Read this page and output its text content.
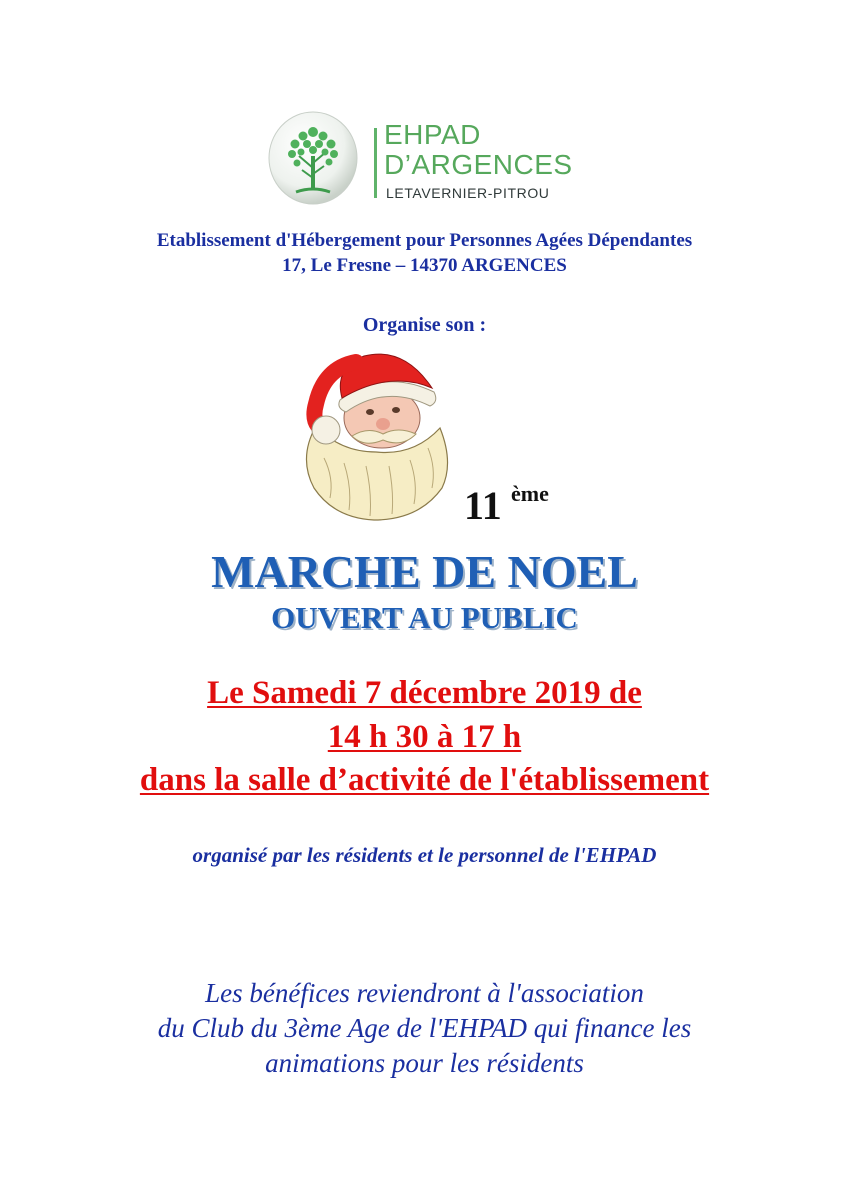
EHPAD
D’ARGENCES
LETAVERNIER-PITROU
Etablissement d'Hébergement pour Personnes Agées Dépendantes
17, Le Fresne – 14370 ARGENCES
Organise son :
11 ème
MARCHE DE NOEL
OUVERT AU PUBLIC
Le Samedi 7 décembre 2019 de
14 h 30 à 17 h
dans la salle d’activité de l'établissement
organisé par les résidents et le personnel de l'EHPAD
Les bénéfices reviendront à l'association
du Club du 3ème Age de l'EHPAD qui finance les
animations pour les résidents
